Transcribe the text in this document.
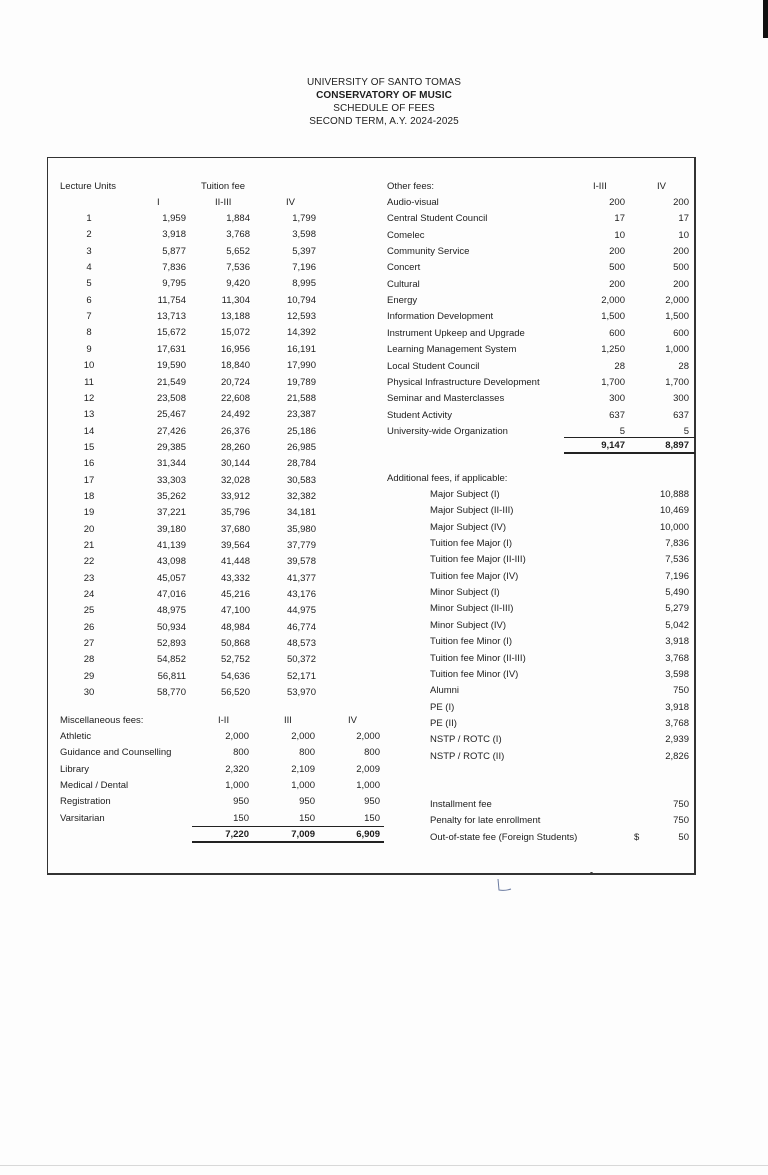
UNIVERSITY OF SANTO TOMAS
CONSERVATORY OF MUSIC
SCHEDULE OF FEES
SECOND TERM, A.Y. 2024-2025
Lecture Units	Tuition fee
I	II-III	IV
Other fees:	I-III	IV
Additional fees, if applicable:
Miscellaneous fees:	I-II	III	IV
1	1,959	1,884	1,799
2	3,918	3,768	3,598
3	5,877	5,652	5,397
4	7,836	7,536	7,196
5	9,795	9,420	8,995
6	11,754	11,304	10,794
7	13,713	13,188	12,593
8	15,672	15,072	14,392
9	17,631	16,956	16,191
10	19,590	18,840	17,990
11	21,549	20,724	19,789
12	23,508	22,608	21,588
13	25,467	24,492	23,387
14	27,426	26,376	25,186
15	29,385	28,260	26,985
16	31,344	30,144	28,784
17	33,303	32,028	30,583
18	35,262	33,912	32,382
19	37,221	35,796	34,181
20	39,180	37,680	35,980
21	41,139	39,564	37,779
22	43,098	41,448	39,578
23	45,057	43,332	41,377
24	47,016	45,216	43,176
25	48,975	47,100	44,975
26	50,934	48,984	46,774
27	52,893	50,868	48,573
28	54,852	52,752	50,372
29	56,811	54,636	52,171
30	58,770	56,520	53,970
Audio-visual	200	200
Central Student Council	17	17
Comelec	10	10
Community Service	200	200
Concert	500	500
Cultural	200	200
Energy	2,000	2,000
Information Development	1,500	1,500
Instrument Upkeep and Upgrade	600	600
Learning Management System	1,250	1,000
Local Student Council	28	28
Physical Infrastructure Development	1,700	1,700
Seminar and Masterclasses	300	300
Student Activity	637	637
University-wide Organization	5	5
9,147	8,897
Major Subject (I)	10,888
Major Subject (II-III)	10,469
Major Subject (IV)	10,000
Tuition fee Major (I)	7,836
Tuition fee Major (II-III)	7,536
Tuition fee Major (IV)	7,196
Minor Subject (I)	5,490
Minor Subject (II-III)	5,279
Minor Subject (IV)	5,042
Tuition fee Minor (I)	3,918
Tuition fee Minor (II-III)	3,768
Tuition fee Minor (IV)	3,598
Alumni	750
PE (I)	3,918
PE (II)	3,768
NSTP / ROTC (I)	2,939
NSTP / ROTC (II)	2,826
Athletic	2,000	2,000	2,000
Guidance and Counselling	800	800	800
Library	2,320	2,109	2,009
Medical / Dental	1,000	1,000	1,000
Registration	950	950	950
Varsitarian	150	150	150
7,220	7,009	6,909
Installment fee	750
Penalty for late enrollment	750
Out-of-state fee (Foreign Students)	$	50
